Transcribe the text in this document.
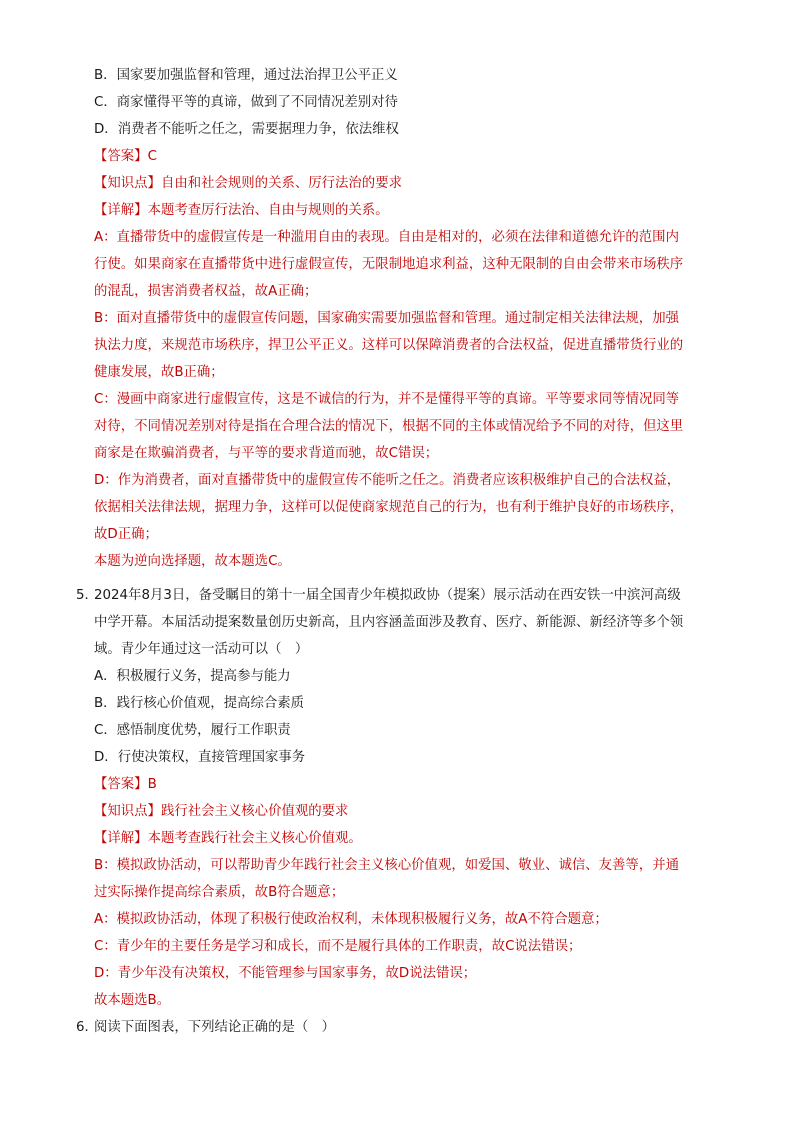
B．国家要加强监督和管理，通过法治捍卫公平正义
C．商家懂得平等的真谛，做到了不同情况差别对待
D．消费者不能听之任之，需要据理力争，依法维权
【答案】C
【知识点】自由和社会规则的关系、厉行法治的要求
【详解】本题考查厉行法治、自由与规则的关系。
A：直播带货中的虚假宣传是一种滥用自由的表现。自由是相对的，必须在法律和道德允许的范围内
行使。如果商家在直播带货中进行虚假宣传，无限制地追求利益，这种无限制的自由会带来市场秩序
的混乱，损害消费者权益，故A正确；
B：面对直播带货中的虚假宣传问题，国家确实需要加强监督和管理。通过制定相关法律法规，加强
执法力度，来规范市场秩序，捍卫公平正义。这样可以保障消费者的合法权益，促进直播带货行业的
健康发展，故B正确；
C：漫画中商家进行虚假宣传，这是不诚信的行为，并不是懂得平等的真谛。平等要求同等情况同等
对待，不同情况差别对待是指在合理合法的情况下，根据不同的主体或情况给予不同的对待，但这里
商家是在欺骗消费者，与平等的要求背道而驰，故C错误；
D：作为消费者，面对直播带货中的虚假宣传不能听之任之。消费者应该积极维护自己的合法权益，
依据相关法律法规，据理力争，这样可以促使商家规范自己的行为，也有利于维护良好的市场秩序，
故D正确；
本题为逆向选择题，故本题选C。
5．
2024年8月3日，备受瞩目的第十一届全国青少年模拟政协（提案）展示活动在西安铁一中滨河高级
中学开幕。本届活动提案数量创历史新高，且内容涵盖面涉及教育、医疗、新能源、新经济等多个领
域。青少年通过这一活动可以（　）
A．积极履行义务，提高参与能力
B．践行核心价值观，提高综合素质
C．感悟制度优势，履行工作职责
D．行使决策权，直接管理国家事务
【答案】B
【知识点】践行社会主义核心价值观的要求
【详解】本题考查践行社会主义核心价值观。
B：模拟政协活动，可以帮助青少年践行社会主义核心价值观，如爱国、敬业、诚信、友善等，并通
过实际操作提高综合素质，故B符合题意；
A：模拟政协活动，体现了积极行使政治权利，未体现积极履行义务，故A不符合题意；
C：青少年的主要任务是学习和成长，而不是履行具体的工作职责，故C说法错误；
D：青少年没有决策权，不能管理参与国家事务，故D说法错误；
故本题选B。
6．
阅读下面图表，下列结论正确的是（　）
